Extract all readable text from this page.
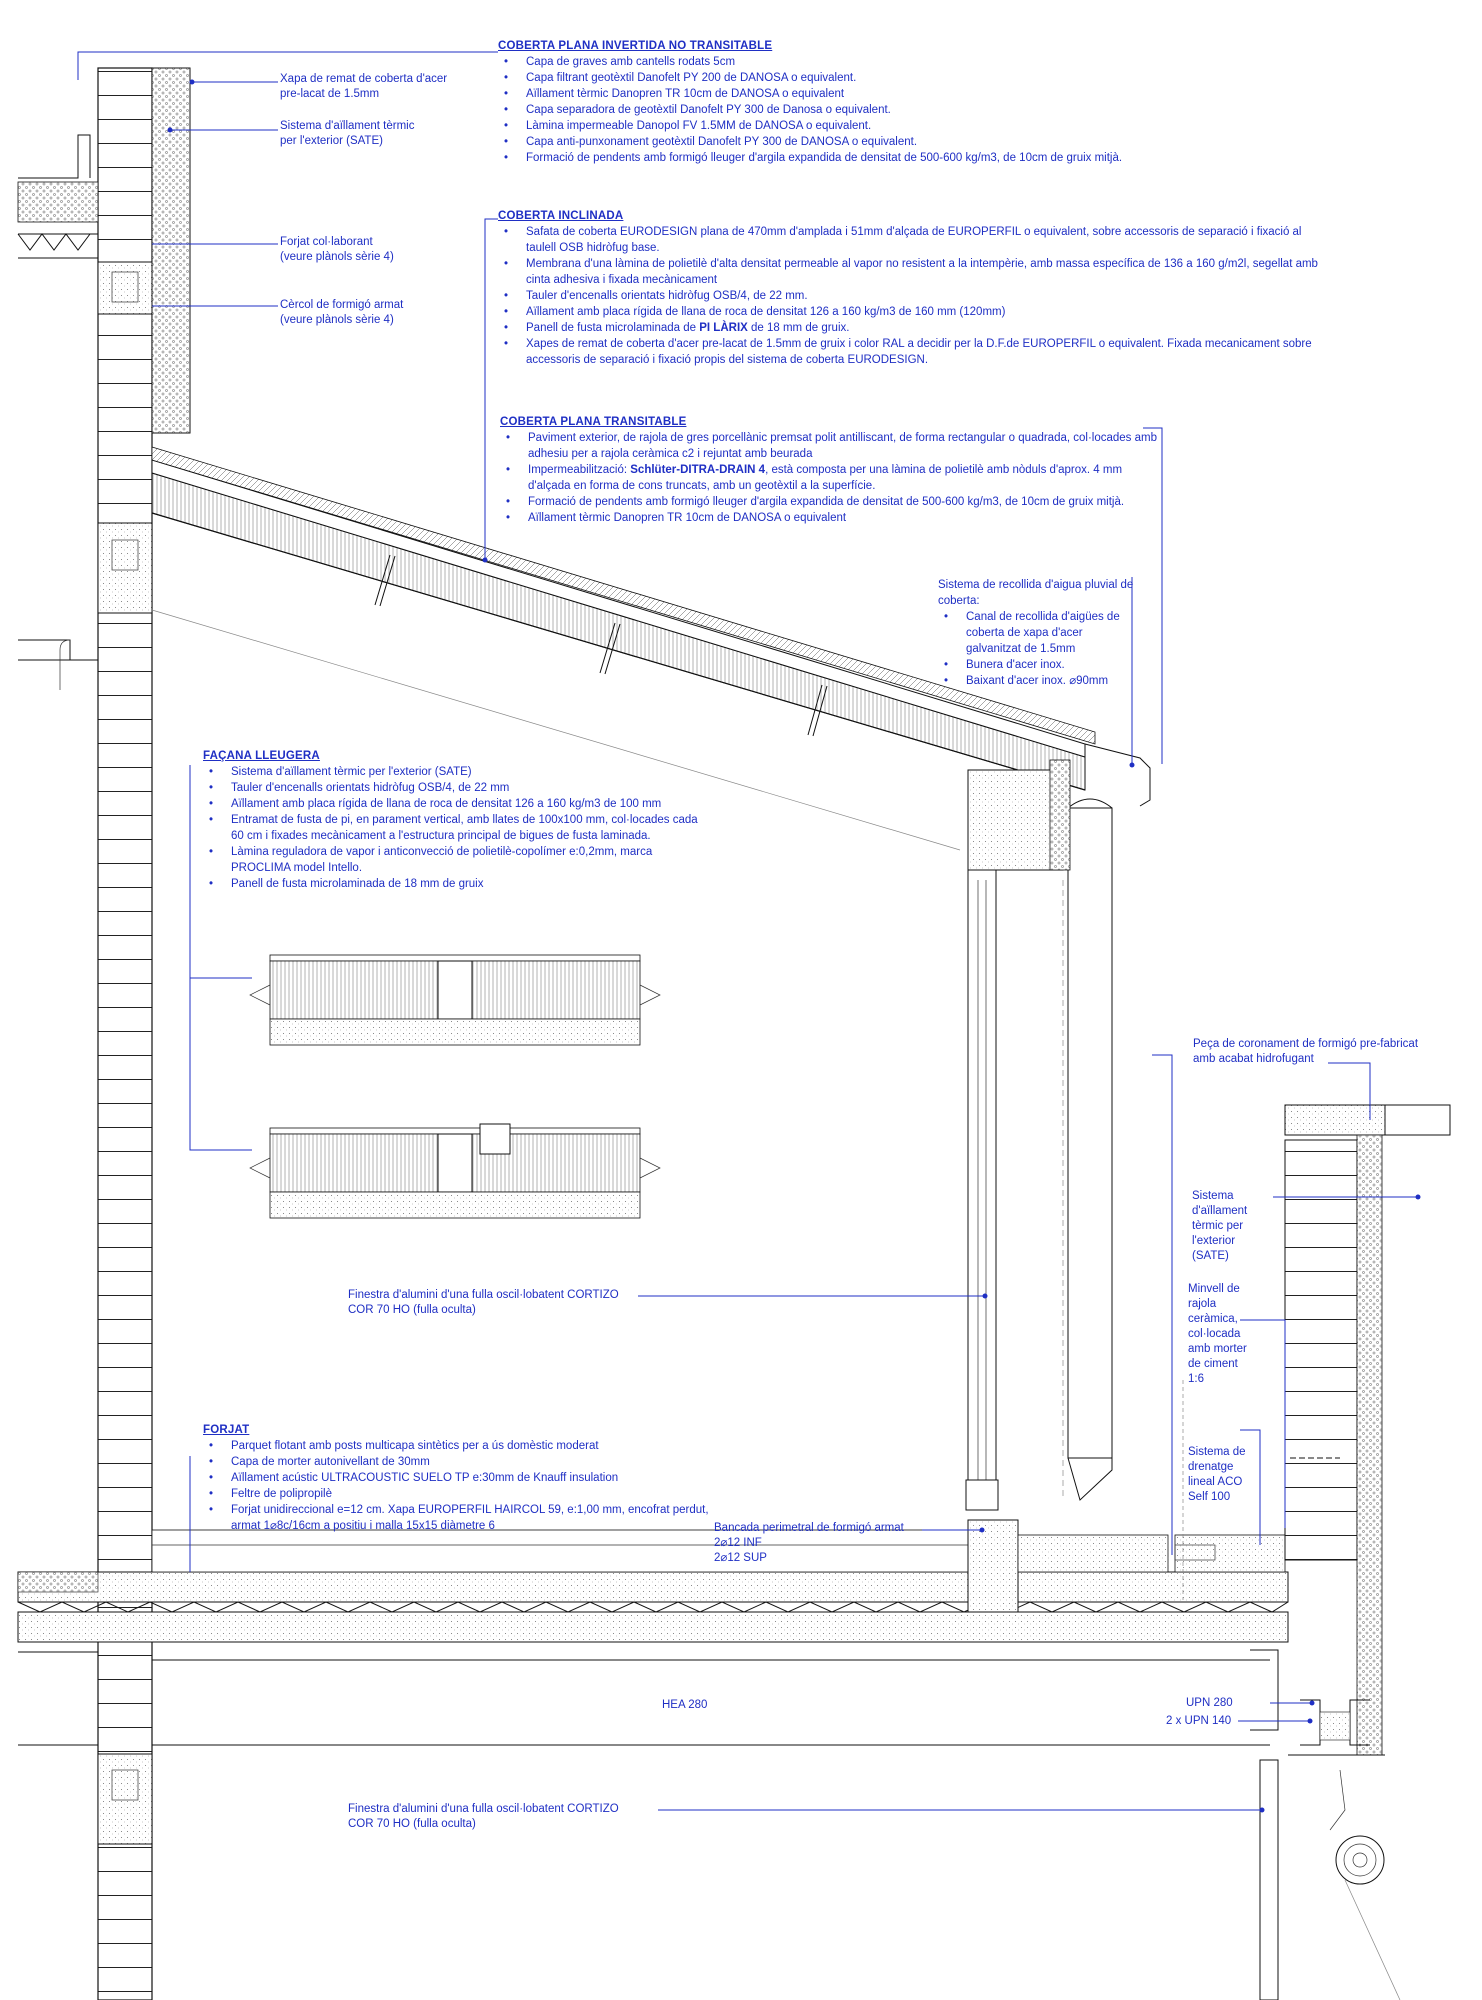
COBERTA PLANA INVERTIDA NO TRANSITABLE
• Capa de graves amb cantells rodats 5cm
• Capa filtrant geotèxtil Danofelt PY 200 de DANOSA o equivalent.
• Aïllament tèrmic Danopren TR 10cm de DANOSA o equivalent
• Capa separadora de geotèxtil Danofelt PY 300 de Danosa o equivalent.
• Làmina impermeable Danopol FV 1.5MM de DANOSA o equivalent.
• Capa anti-punxonament geotèxtil Danofelt PY 300 de DANOSA o equivalent.
• Formació de pendents amb formigó lleuger d'argila expandida de densitat de 500-600 kg/m3, de 10cm de gruix mitjà.
COBERTA INCLINADA
• Safata de coberta EURODESIGN plana de 470mm d'amplada i 51mm d'alçada de EUROPERFIL o equivalent, sobre accessoris de separació i fixació al taulell OSB hidròfug base.
• Membrana d'una làmina de polietilè d'alta densitat permeable al vapor no resistent a la intempèrie, amb massa específica de 136 a 160 g/m2l, segellat amb cinta adhesiva i fixada mecànicament
• Tauler d'encenalls orientats hidròfug OSB/4, de 22 mm.
• Aïllament amb placa rígida de llana de roca de densitat 126 a 160 kg/m3 de 160 mm (120mm)
• Panell de fusta microlaminada de PI LÀRIX de 18 mm de gruix.
• Xapes de remat de coberta d'acer pre-lacat de 1.5mm de gruix i color RAL a decidir per la D.F.de EUROPERFIL o equivalent. Fixada mecanicament sobre accessoris de separació i fixació propis del sistema de coberta EURODESIGN.
COBERTA PLANA TRANSITABLE
• Paviment exterior, de rajola de gres porcellànic premsat polit antilliscant, de forma rectangular o quadrada, col·locades amb adhesiu per a rajola ceràmica c2 i rejuntat amb beurada
• Impermeabilització: Schlüter-DITRA-DRAIN 4, està composta per una làmina de polietilè amb nòduls d'aprox. 4 mm d'alçada en forma de cons truncats, amb un geotèxtil a la superfície.
• Formació de pendents amb formigó lleuger d'argila expandida de densitat de 500-600 kg/m3, de 10cm de gruix mitjà.
• Aïllament tèrmic Danopren TR 10cm de DANOSA o equivalent
Sistema de recollida d'aigua pluvial de coberta:
• Canal de recollida d'aigües de coberta de xapa d'acer galvanitzat de 1.5mm
• Bunera d'acer inox.
• Baixant d'acer inox. ⌀90mm
FAÇANA LLEUGERA
• Sistema d'aïllament tèrmic per l'exterior (SATE)
• Tauler d'encenalls orientats hidròfug OSB/4, de 22 mm
• Aïllament amb placa rígida de llana de roca de densitat 126 a 160 kg/m3 de 100 mm
• Entramat de fusta de pi, en parament vertical, amb llates de 100x100 mm, col·locades cada 60 cm i fixades mecànicament a l'estructura principal de bigues de fusta laminada.
• Làmina reguladora de vapor i anticonvecció de polietilè-copolímer e:0,2mm, marca PROCLIMA model Intello.
• Panell de fusta microlaminada de 18 mm de gruix
FORJAT
• Parquet flotant amb posts multicapa sintètics per a ús domèstic moderat
• Capa de morter autonivellant de 30mm
• Aïllament acústic ULTRACOUSTIC SUELO TP e:30mm de Knauff insulation
• Feltre de polipropilè
• Forjat unidireccional e=12 cm. Xapa EUROPERFIL HAIRCOL 59, e:1,00 mm, encofrat perdut, armat 1⌀8c/16cm a positiu i malla 15x15 diàmetre 6
Xapa de remat de coberta d'acer
pre-lacat de 1.5mm
Sistema d'aïllament tèrmic
per l'exterior (SATE)
Forjat col·laborant
(veure plànols sèrie 4)
Cèrcol de formigó armat
(veure plànols sèrie 4)
Finestra d'alumini d'una fulla oscil·lobatent CORTIZO
COR 70 HO (fulla oculta)
Finestra d'alumini d'una fulla oscil·lobatent CORTIZO
COR 70 HO (fulla oculta)
Bancada perimetral de formigó armat
2⌀12 INF
2⌀12 SUP
HEA 280	UPN 280
2 x UPN 140
Peça de coronament de formigó pre-fabricat
amb acabat hidrofugant
Sistema
d'aïllament
tèrmic per
l'exterior
(SATE)
Minvell de
rajola
ceràmica,
col·locada
amb morter
de ciment
1:6
Sistema de
drenatge
lineal ACO
Self 100
